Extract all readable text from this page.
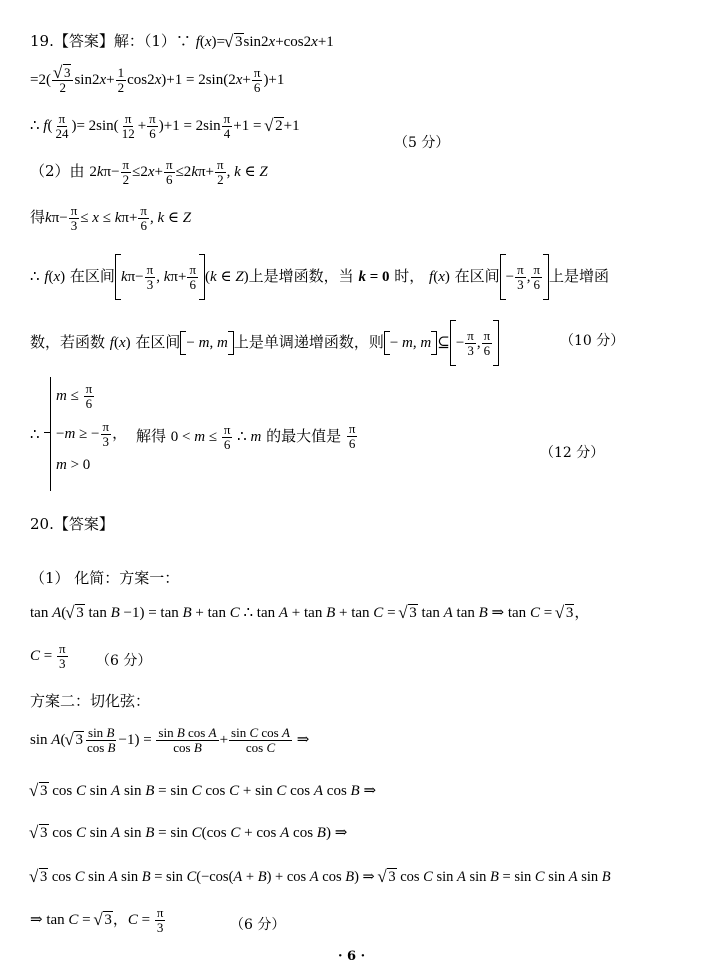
19.【答案】解：（1）∵ f(x)= √ 3sin2x+cos2x+1
=2( √ $\frac{3}{2} \sin 2x+ \frac{1}{2} \cos 2x)+1 = 2\sin(2x+ \frac{\pi}{6} )+1$
∴ $f( \frac{\pi}{24}$ )= $2\sin( \frac{\pi}{12} + \frac{\pi}{6} )+1 = 2\sin \frac{\pi}{4} +1$ = √ 2+1
（5 分）
（2）由 $2k\pi- \frac{\pi}{2} \le 2x+ \frac{\pi}{6} \le 2k\pi+ \frac{\pi}{2}$ , k ∈ Z
得$k\pi- \frac{\pi}{3} \le x \le k\pi+ \frac{\pi}{6}$ , k ∈ Z
∴ f(x) 在区间 $k\pi- \frac{\pi}{3}$ , $k\pi+ \frac{\pi}{6} (k$ ∈ Z)上是增函数，当 k = 0 时， f(x) 在区间 − $\frac{\pi}{3}$ , $\frac{\pi}{6}$ 上是增函
数，若函数 f(x) 在区间 − m, m 上是单调递增函数，则 − m, m ⊆ − $\frac{\pi}{3}$ , $\frac{\pi}{6}$	（10 分）
∴
$m \le \frac{\pi}{6}$
−m ≥ − $\frac{\pi}{3}$ ，
m > 0
解得 $0 < m \le \frac{\pi}{6}$ ∴ m 的最大值是 $\frac{\pi}{6}$
（12 分）
20.【答案】
（1） 化简：方案一：
tan A( √ 3 tan B −1) = tan B + tan C ∴ tan A + tan B + tan C = √ 3 tan A tan B ⇒ tan C = √ 3，
$C = \frac{\pi}{3} (6$ 分）
方案二：切化弦：
sin A( √ $3 \frac{\text{sin B}}{\text{cos B}} -1) = \frac{\text{sin B cos A}}{\text{cos B}} + \frac{\text{sin C cos A}}{\text{cos C}}$ ⇒
√ 3 cos C sin A sin B = sin C cos C + sin C cos A cos B ⇒
√ 3 cos C sin A sin B = sin C(cos C + cos A cos B) ⇒
√ 3 cos C sin A sin B = sin C(−cos(A + B) + cos A cos B) ⇒ √ 3 cos C sin A sin B = sin C sin A sin B
⇒ tan C = √ 3，$C = \frac{\pi}{3}$	（6 分）
· 6 ·
